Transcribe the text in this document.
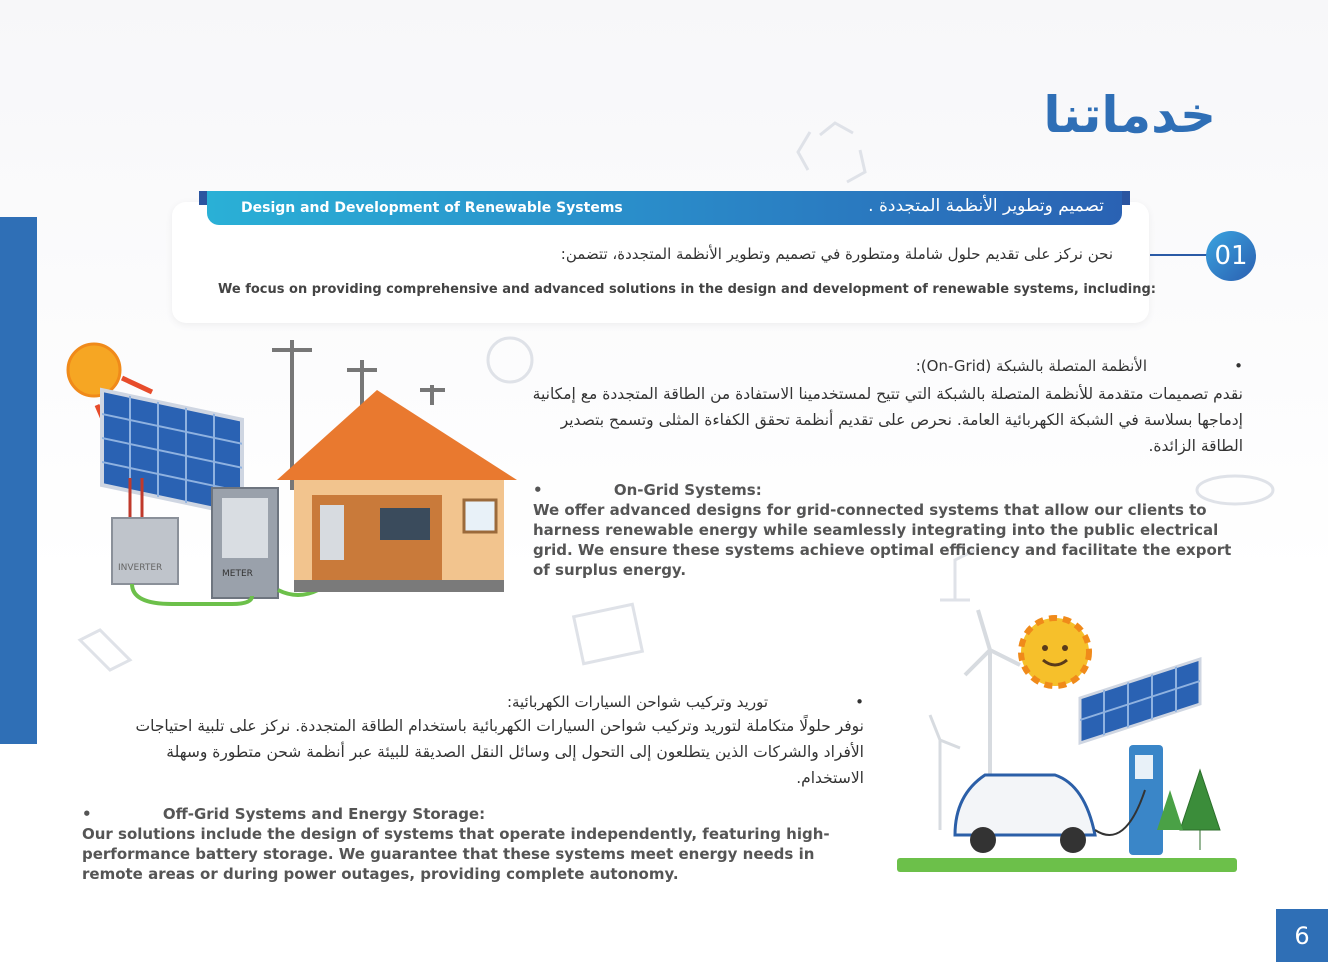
خدماتنا
Design and Development of Renewable Systems	تصميم وتطوير الأنظمة المتجددة .
نحن نركز على تقديم حلول شاملة ومتطورة في تصميم وتطوير الأنظمة المتجددة، تتضمن:
We focus on providing comprehensive and advanced solutions in the design and development of renewable systems, including:
01
INVERTER
METER
•الأنظمة المتصلة بالشبكة (On-Grid):
نقدم تصميمات متقدمة للأنظمة المتصلة بالشبكة التي تتيح لمستخدمينا الاستفادة من الطاقة المتجددة مع إمكانية إدماجها بسلاسة في الشبكة الكهربائية العامة. نحرص على تقديم أنظمة تحقق الكفاءة المثلى وتسمح بتصدير الطاقة الزائدة.
•	On-Grid Systems:
We offer advanced designs for grid-connected systems that allow our clients to harness renewable energy while seamlessly integrating into the public electrical grid. We ensure these systems achieve optimal efficiency and facilitate the export of surplus energy.
•توريد وتركيب شواحن السيارات الكهربائية:
نوفر حلولًا متكاملة لتوريد وتركيب شواحن السيارات الكهربائية باستخدام الطاقة المتجددة. نركز على تلبية احتياجات الأفراد والشركات الذين يتطلعون إلى التحول إلى وسائل النقل الصديقة للبيئة عبر أنظمة شحن متطورة وسهلة الاستخدام.
•	Off-Grid Systems and Energy Storage:
Our solutions include the design of systems that operate independently, featuring high-performance battery storage. We guarantee that these systems meet energy needs in remote areas or during power outages, providing complete autonomy.
6
